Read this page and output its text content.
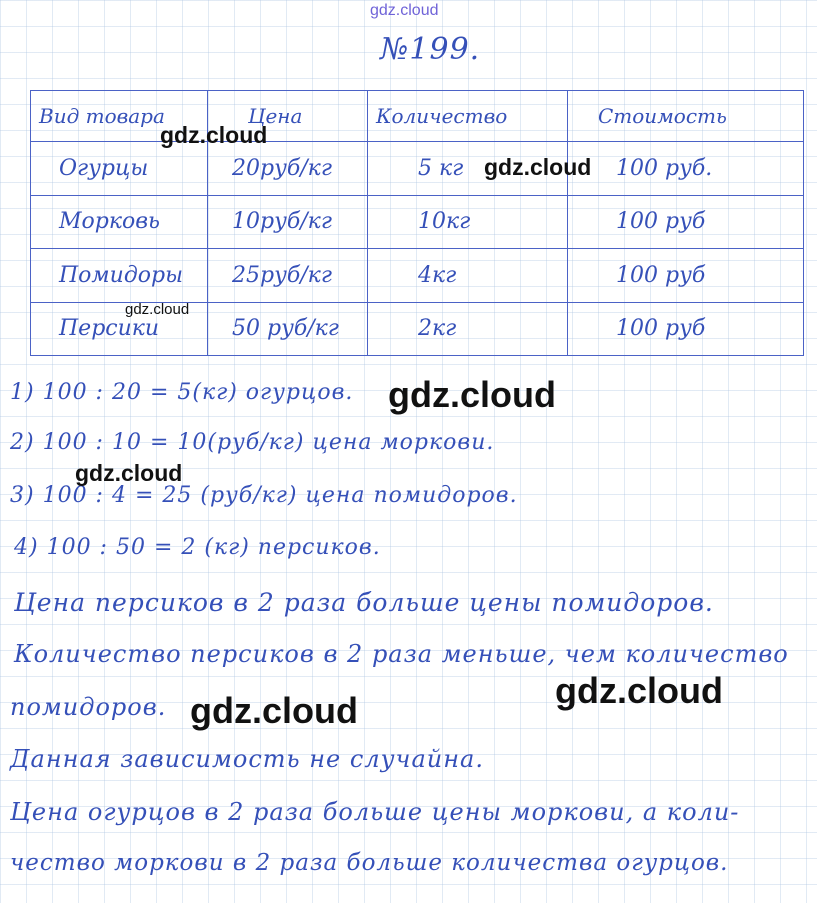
gdz.cloud
№199.
Вид товара	Цена	Количество	Стоимость
Огурцы	20руб/кг	5 кг	100 руб.
Морковь	10руб/кг	10кг	100 руб
Помидоры	25руб/кг	4кг	100 руб
Персики	50 руб/кг	2кг	100 руб
1) 100 : 20 = 5(кг) огурцов.
2) 100 : 10 = 10(руб/кг) цена моркови.
3) 100 : 4 = 25 (руб/кг) цена помидоров.
4) 100 : 50 = 2 (кг) персиков.
Цена персиков в 2 раза больше цены помидоров.
Количество персиков в 2 раза меньше, чем количество
помидоров.
Данная зависимость не случайна.
Цена огурцов в 2 раза больше цены моркови, а коли-
чество моркови в 2 раза больше количества огурцов.
gdz.cloud
gdz.cloud
gdz.cloud
gdz.cloud
gdz.cloud
gdz.cloud
gdz.cloud
